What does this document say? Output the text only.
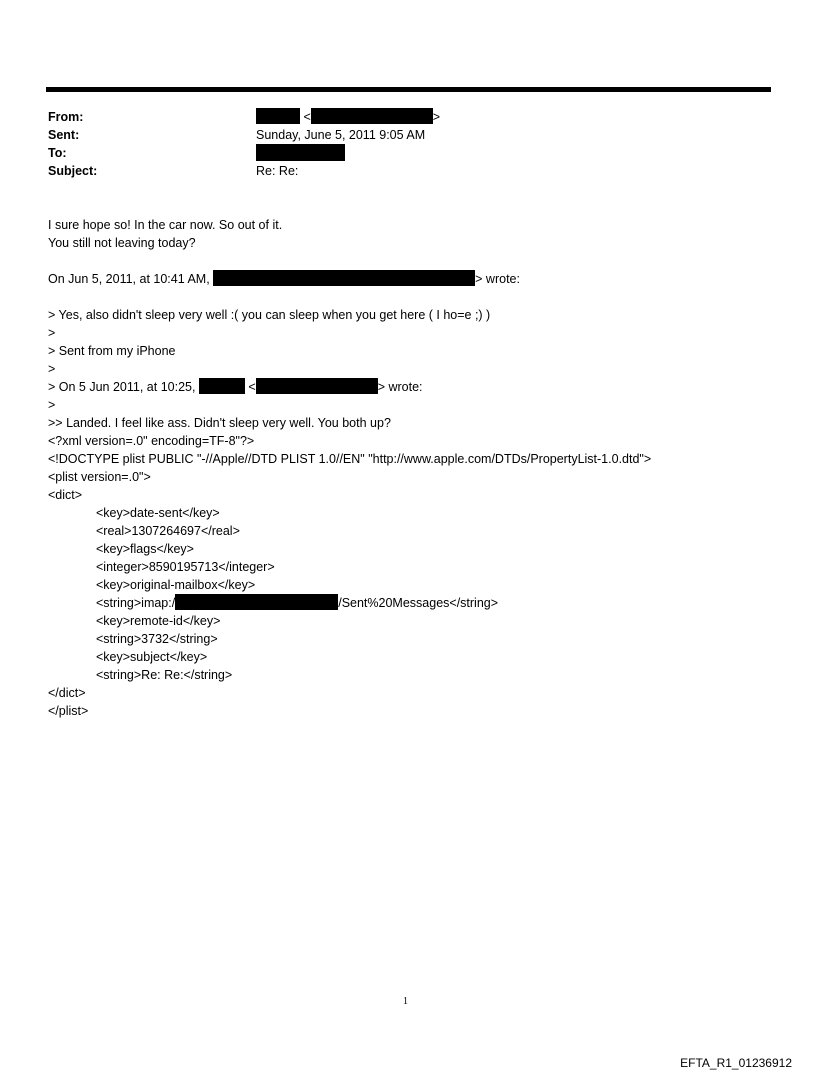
From:	<	>
Sent:	Sunday, June 5, 2011 9:05 AM
To:
Subject:	Re: Re:
I sure hope so! In the car now. So out of it.
You still not leaving today?
On Jun 5, 2011, at 10:41 AM,	> wrote:
> Yes, also didn't sleep very well :( you can sleep when you get here ( I ho=e ;) )
>
> Sent from my iPhone
>
> On 5 Jun 2011, at 10:25,	<	> wrote:
>
>> Landed. I feel like ass. Didn't sleep very well. You both up?
<?xml version=.0" encoding=TF-8"?>
<!DOCTYPE plist PUBLIC "-//Apple//DTD PLIST 1.0//EN" "http://www.apple.com/DTDs/PropertyList-1.0.dtd">
<plist version=.0">
<dict>
<key>date-sent</key>
<real>1307264697</real>
<key>flags</key>
<integer>8590195713</integer>
<key>original-mailbox</key>
<string>imap:/	/Sent%20Messages</string>
<key>remote-id</key>
<string>3732</string>
<key>subject</key>
<string>Re: Re:</string>
</dict>
</plist>
1
EFTA_R1_01236912
